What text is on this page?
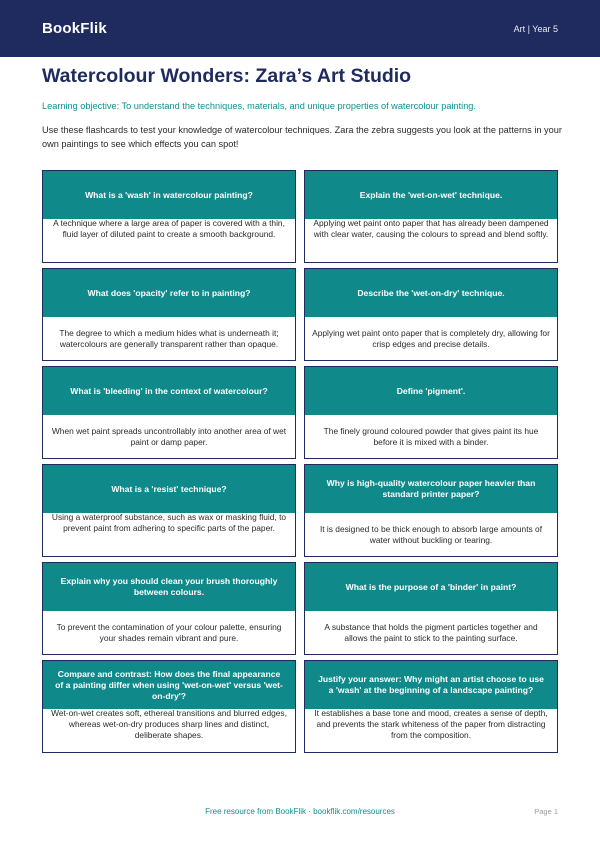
BookFlik	Art | Year 5
Watercolour Wonders: Zara’s Art Studio

Learning objective: To understand the techniques, materials, and unique properties of watercolour painting.

Use these flashcards to test your knowledge of watercolour techniques. Zara the zebra suggests you look at the patterns in your own paintings to see which effects you can spot!

What is a 'wash' in watercolour painting?
A technique where a large area of paper is covered with a thin, fluid layer of diluted paint to create a smooth background.
Explain the 'wet-on-wet' technique.
Applying wet paint onto paper that has already been dampened with clear water, causing the colours to spread and blend softly.
What does 'opacity' refer to in painting?
The degree to which a medium hides what is underneath it; watercolours are generally transparent rather than opaque.
Describe the 'wet-on-dry' technique.
Applying wet paint onto paper that is completely dry, allowing for crisp edges and precise details.
What is 'bleeding' in the context of watercolour?
When wet paint spreads uncontrollably into another area of wet paint or damp paper.
Define 'pigment'.
The finely ground coloured powder that gives paint its hue before it is mixed with a binder.
What is a 'resist' technique?
Using a waterproof substance, such as wax or masking fluid, to prevent paint from adhering to specific parts of the paper.
Why is high-quality watercolour paper heavier than standard printer paper?
It is designed to be thick enough to absorb large amounts of water without buckling or tearing.
Explain why you should clean your brush thoroughly between colours.
To prevent the contamination of your colour palette, ensuring your shades remain vibrant and pure.
What is the purpose of a 'binder' in paint?
A substance that holds the pigment particles together and allows the paint to stick to the painting surface.
Compare and contrast: How does the final appearance of a painting differ when using 'wet-on-wet' versus 'wet-on-dry'?
Wet-on-wet creates soft, ethereal transitions and blurred edges, whereas wet-on-dry produces sharp lines and distinct, deliberate shapes.
Justify your answer: Why might an artist choose to use a 'wash' at the beginning of a landscape painting?
It establishes a base tone and mood, creates a sense of depth, and prevents the stark whiteness of the paper from distracting from the composition.
Free resource from BookFlik · bookflik.com/resources	Page 1
